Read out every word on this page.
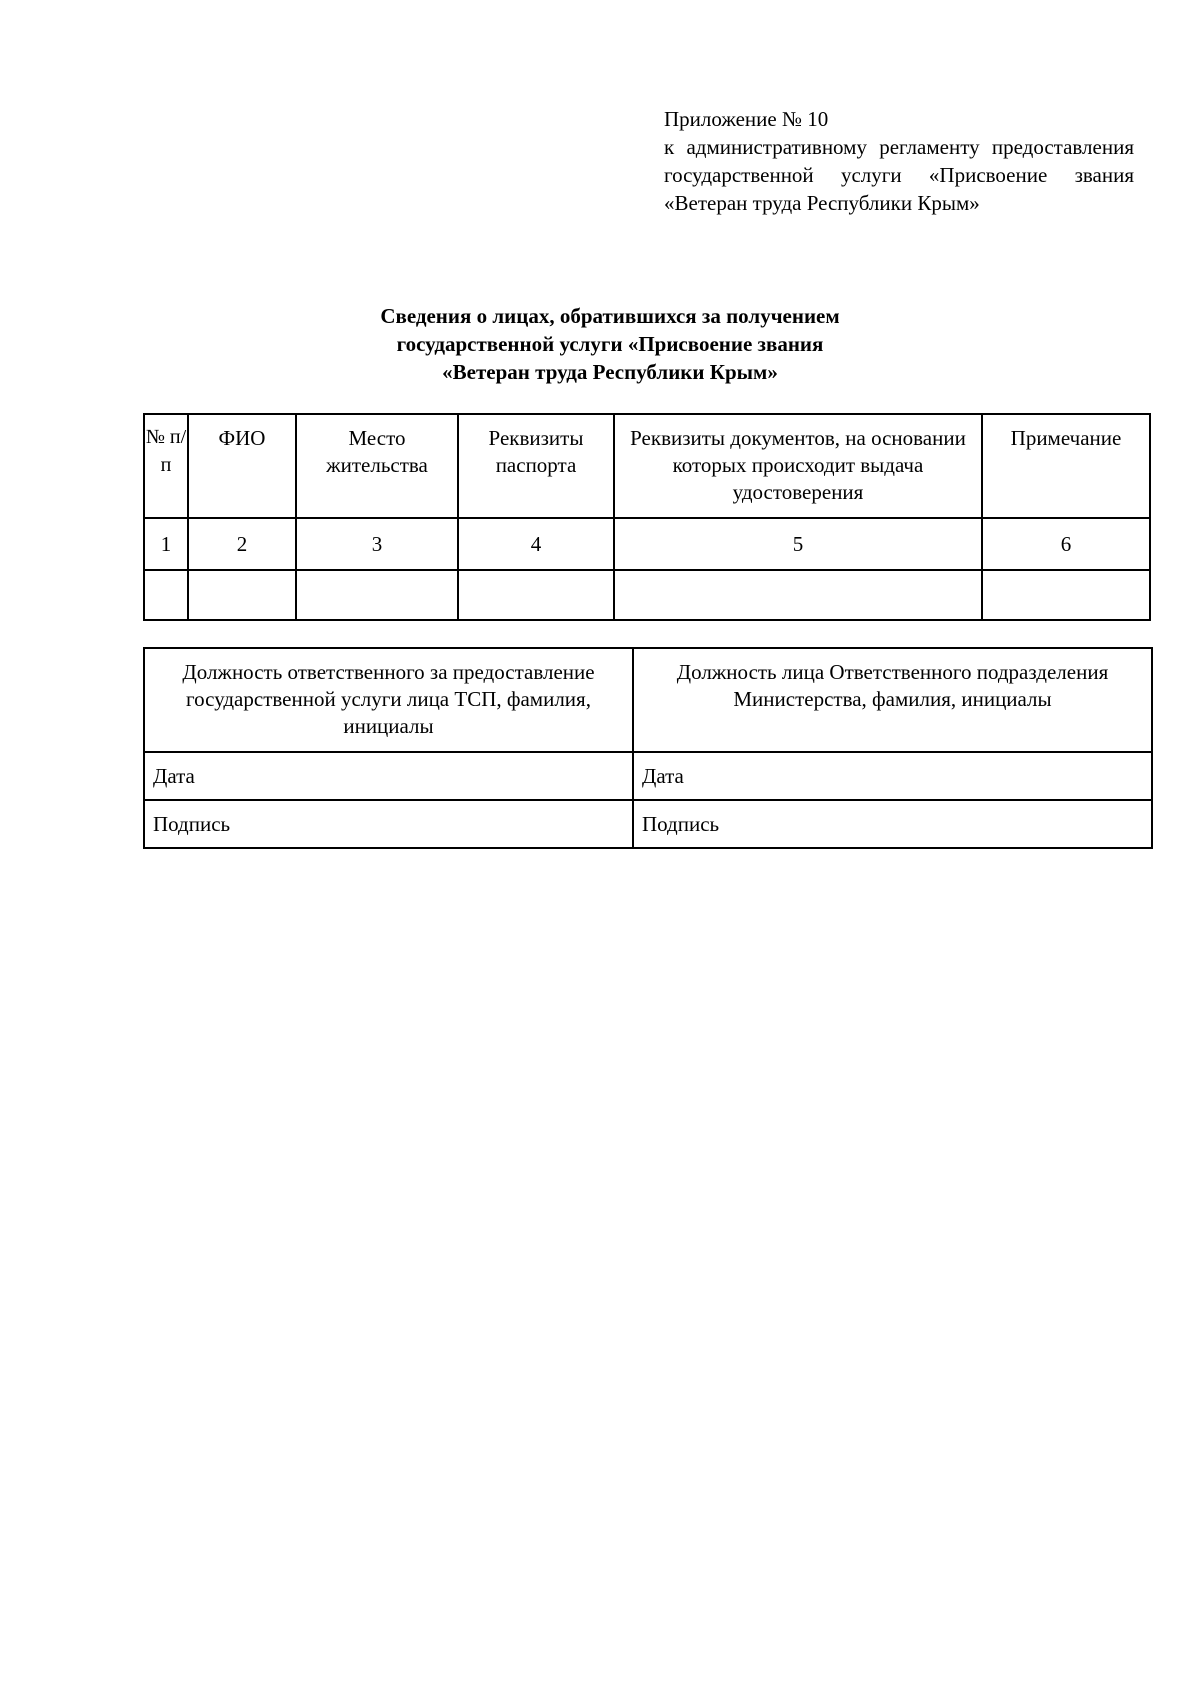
Приложение № 10
к административному регламенту предоставления государственной услуги «Присвоение звания «Ветеран труда Республики Крым»
Сведения о лицах, обратившихся за получением
государственной услуги «Присвоение звания
«Ветеран труда Республики Крым»
№ п/ п	ФИО	Место жительства	Реквизиты паспорта	Реквизиты документов, на основании которых происходит выдача удостоверения	Примечание
1	2	3	4	5	6

Должность ответственного за предоставление государственной услуги лица ТСП, фамилия, инициалы	Должность лица Ответственного подразделения Министерства, фамилия, инициалы
Дата	Дата
Подпись	Подпись
